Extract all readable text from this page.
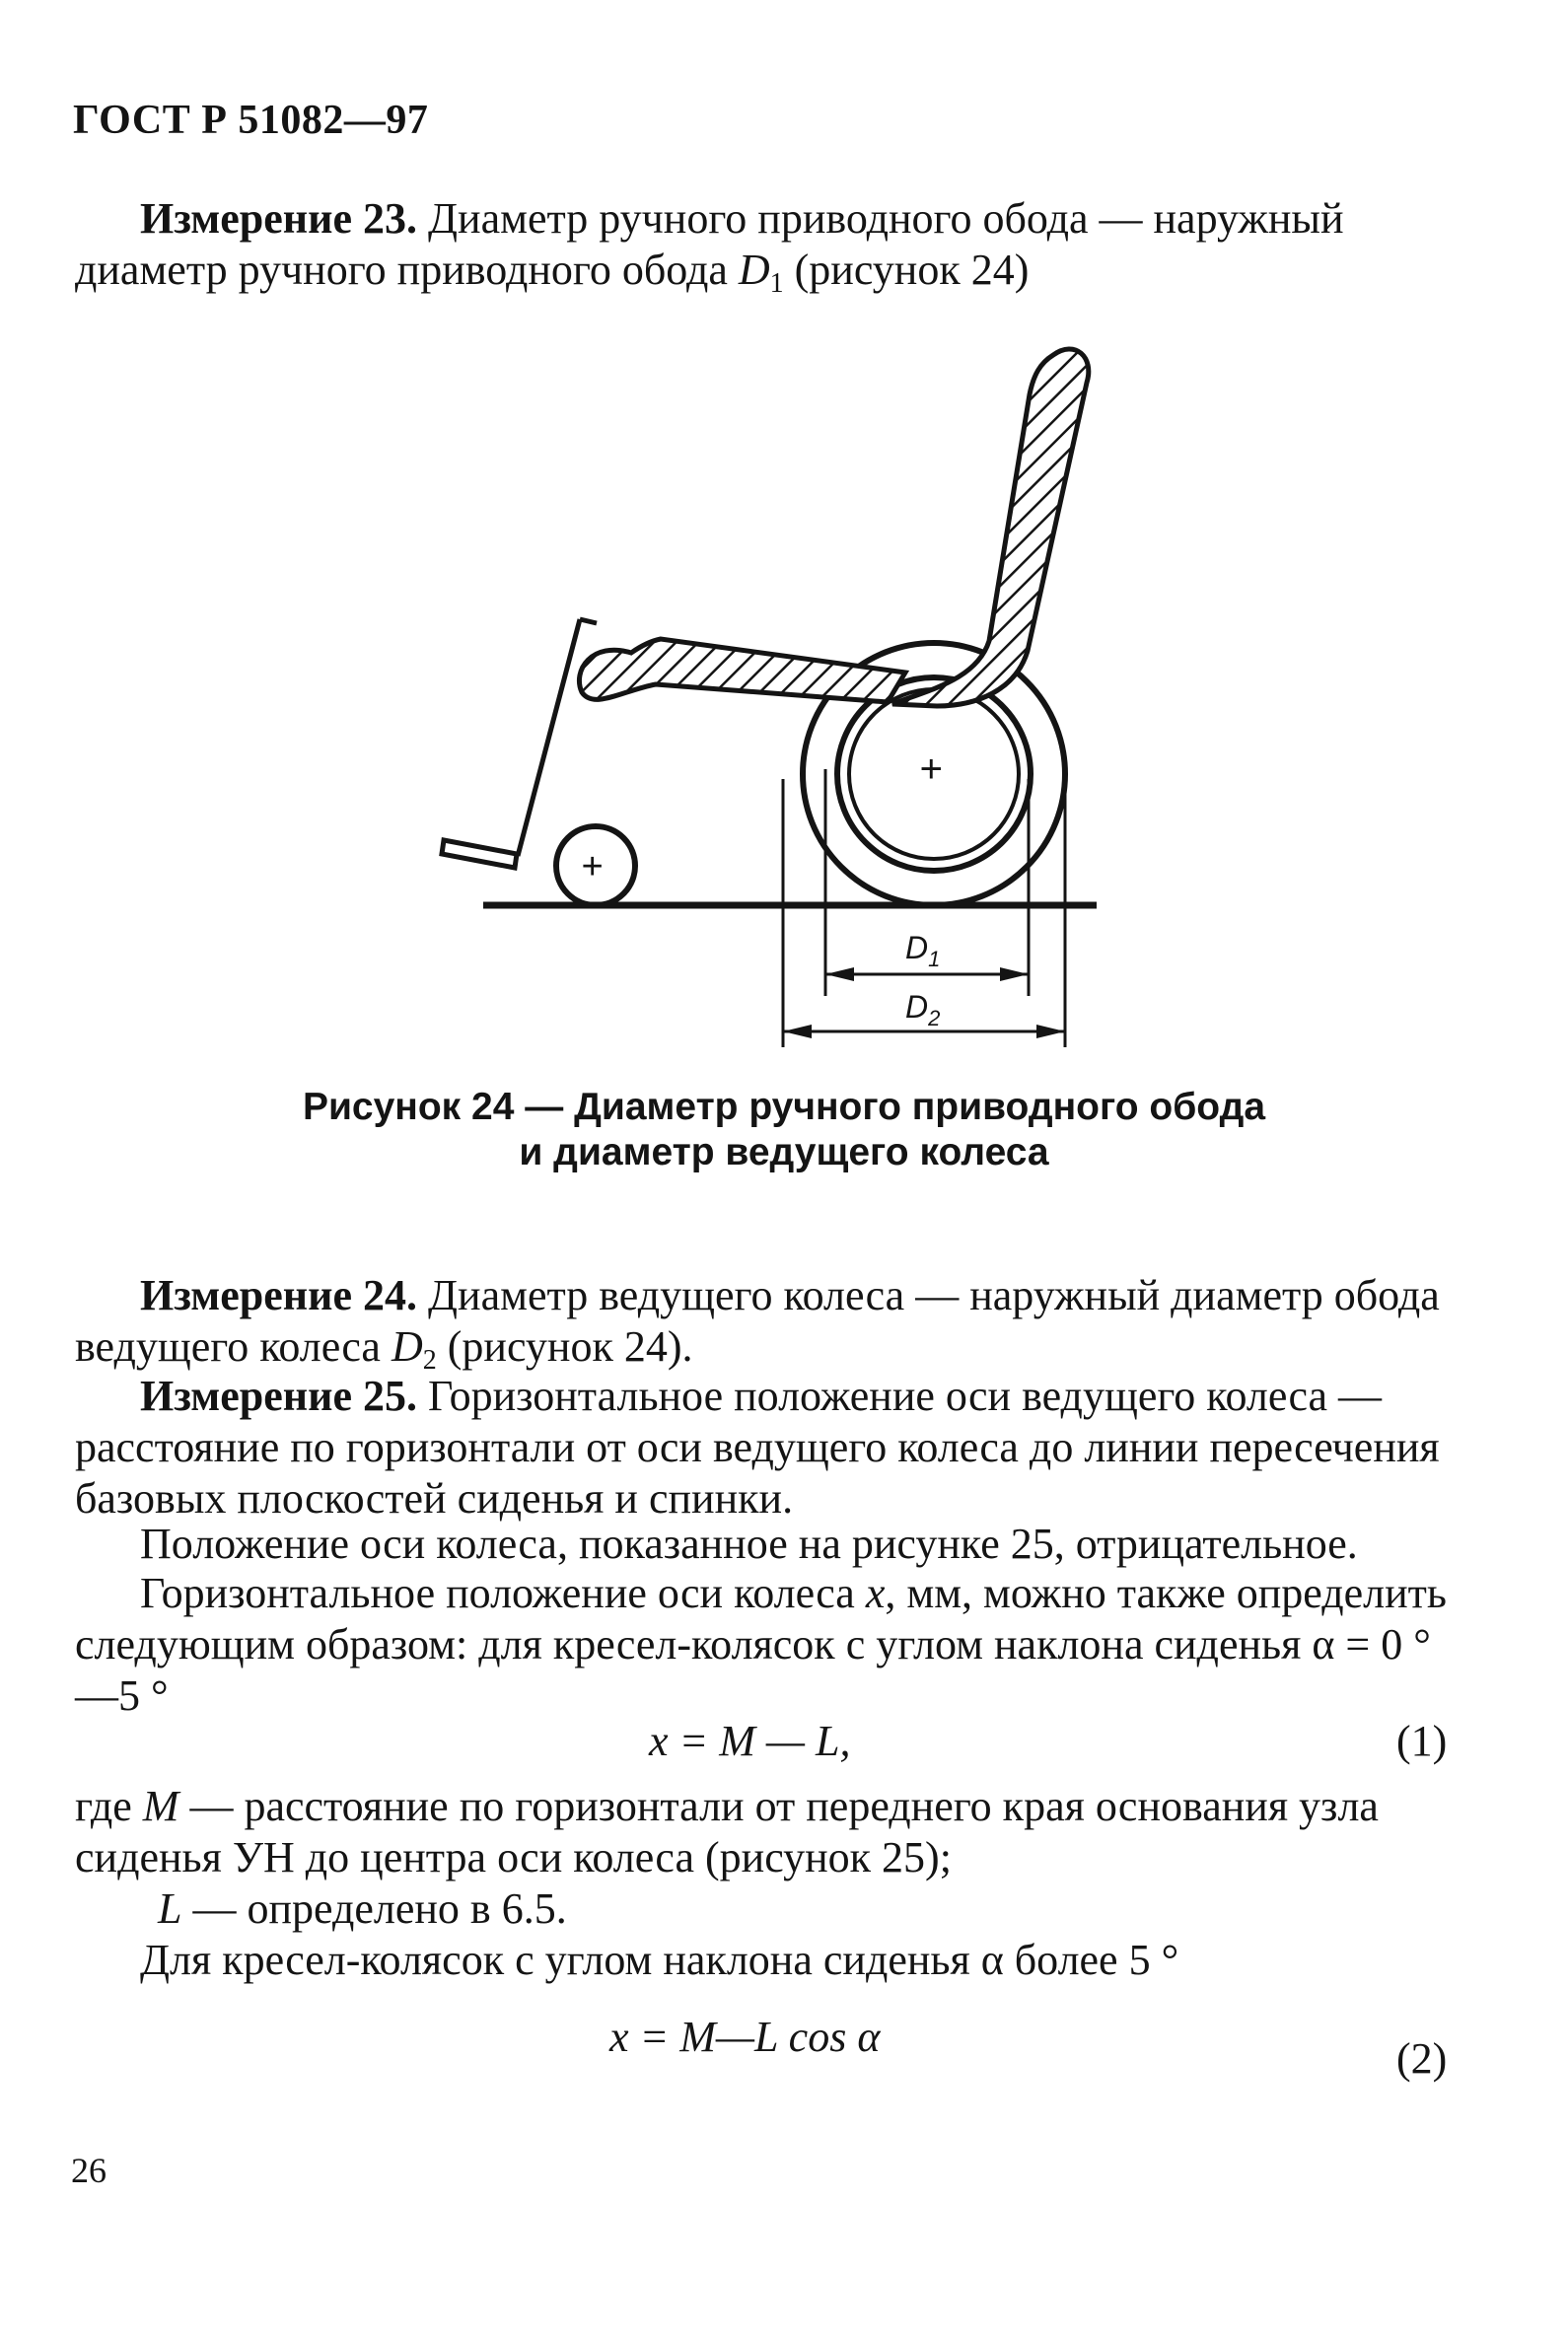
ГОСТ Р 51082—97

Измерение 23. Диаметр ручного приводного обода — наружный диаметр ручного приводного обода $D_1$ (рисунок 24)

+
+
$D_1$
$D_2$
Рисунок 24 — Диаметр ручного приводного обода
и диаметр ведущего колеса

Измерение 24. Диаметр ведущего колеса — наружный диаметр обода ведущего колеса $D_2$ (рисунок 24).

Измерение 25. Горизонтальное положение оси ведущего колеса — расстояние по горизонтали от оси ведущего колеса до линии пересечения базовых плоскостей сиденья и спинки.

Положение оси колеса, показанное на рисунке 25, отрицательное.

Горизонтальное положение оси колеса x, мм, можно также определить следующим образом: для кресел-колясок с углом наклона сиденья α = 0 °—5 °

x = M — L,	(1)
где M — расстояние по горизонтали от переднего края основания узла сиденья УН до центра оси колеса (рисунок 25);
L — определено в 6.5.

Для кресел-колясок с углом наклона сиденья α более 5 °

x = M—L cos α	(2)
26
